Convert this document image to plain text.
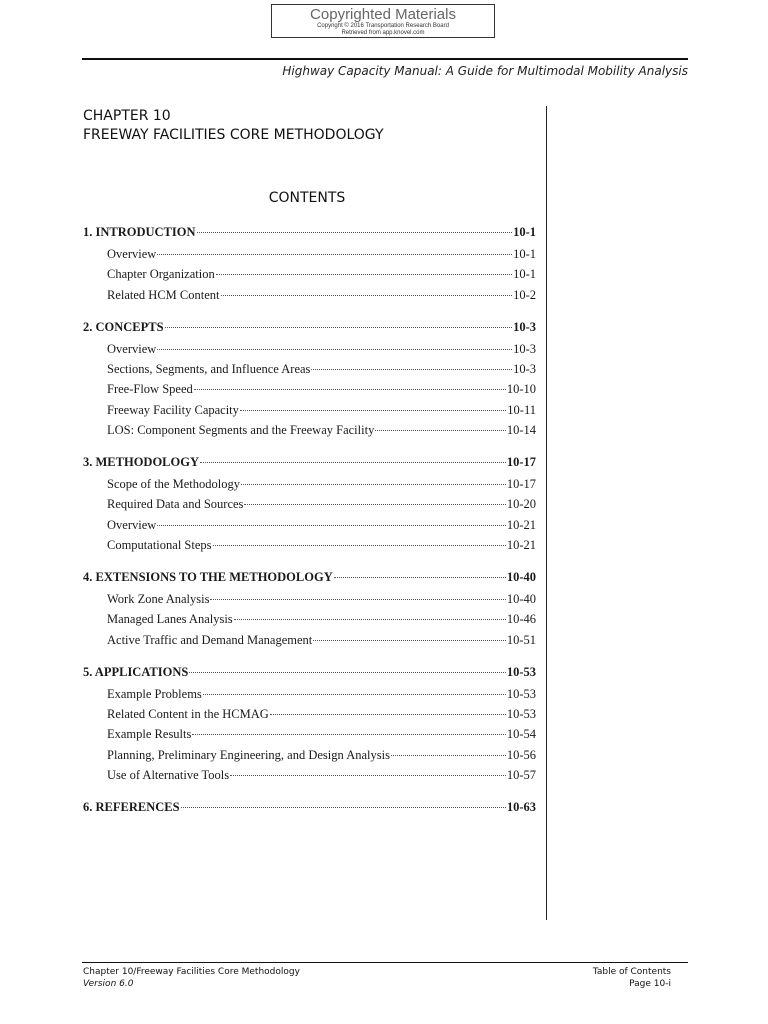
Copyrighted Materials
Copyright © 2016 Transportation Research Board
Retrieved from app.knovel.com
Highway Capacity Manual: A Guide for Multimodal Mobility Analysis
CHAPTER 10
FREEWAY FACILITIES CORE METHODOLOGY
CONTENTS
1. INTRODUCTION	10-1
Overview	10-1
Chapter Organization	10-1
Related HCM Content	10-2
2. CONCEPTS	10-3
Overview	10-3
Sections, Segments, and Influence Areas	10-3
Free-Flow Speed	10-10
Freeway Facility Capacity	10-11
LOS: Component Segments and the Freeway Facility	10-14
3. METHODOLOGY	10-17
Scope of the Methodology	10-17
Required Data and Sources	10-20
Overview	10-21
Computational Steps	10-21
4. EXTENSIONS TO THE METHODOLOGY	10-40
Work Zone Analysis	10-40
Managed Lanes Analysis	10-46
Active Traffic and Demand Management	10-51
5. APPLICATIONS	10-53
Example Problems	10-53
Related Content in the HCMAG	10-53
Example Results	10-54
Planning, Preliminary Engineering, and Design Analysis	10-56
Use of Alternative Tools	10-57
6. REFERENCES	10-63
Chapter 10/Freeway Facilities Core Methodology
Version 6.0
Table of Contents
Page 10-i
